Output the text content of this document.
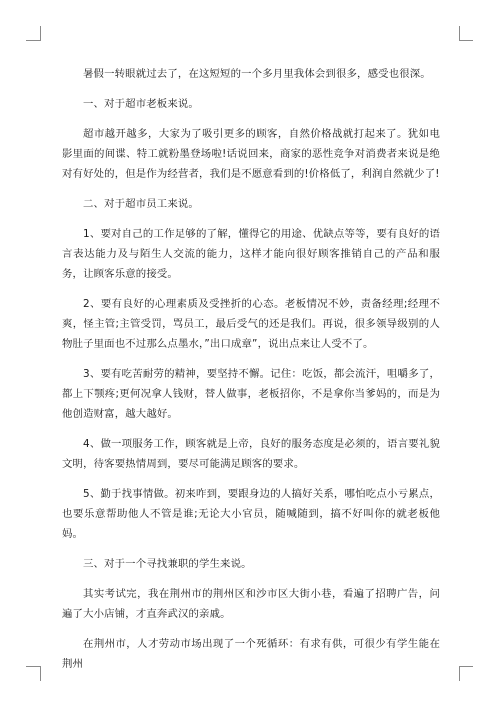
暑假一转眼就过去了，在这短短的一个多月里我体会到很多，感受也很深。

一、对于超市老板来说。

超市越开越多，大家为了吸引更多的顾客，自然价格战就打起来了。犹如电影里面的间谍、特工就粉墨登场啦!话说回来，商家的恶性竞争对消费者来说是绝对有好处的，但是作为经营者，我们是不愿意看到的!价格低了，利润自然就少了!

二、对于超市员工来说。

1、要对自己的工作足够的了解，懂得它的用途、优缺点等等，要有良好的语言表达能力及与陌生人交流的能力，这样才能向很好顾客推销自己的产品和服务，让顾客乐意的接受。

2、要有良好的心理素质及受挫折的心态。老板情况不妙，责备经理;经理不爽，怪主管;主管受罚，骂员工，最后受气的还是我们。再说，很多领导级别的人物肚子里面也不过那么点墨水，”出口成章”，说出点来让人受不了。

3、要有吃苦耐劳的精神，要坚持不懈。记住：吃饭，都会流汗，咀嚼多了，都上下颚疼;更何况拿人钱财，替人做事，老板招你，不是拿你当爹妈的，而是为他创造财富，越大越好。

4、做一项服务工作，顾客就是上帝，良好的服务态度是必须的，语言要礼貌文明，待客要热情周到，要尽可能满足顾客的要求。

5、勤于找事情做。初来咋到，要跟身边的人搞好关系，哪怕吃点小亏累点，也要乐意帮助他人不管是谁;无论大小官员，随喊随到，搞不好叫你的就老板他妈。

三、对于一个寻找兼职的学生来说。

其实考试完，我在荆州市的荆州区和沙市区大街小巷，看遍了招聘广告，问遍了大小店铺，才直奔武汉的亲戚。

在荆州市，人才劳动市场出现了一个死循环：有求有供，可很少有学生能在荆州
